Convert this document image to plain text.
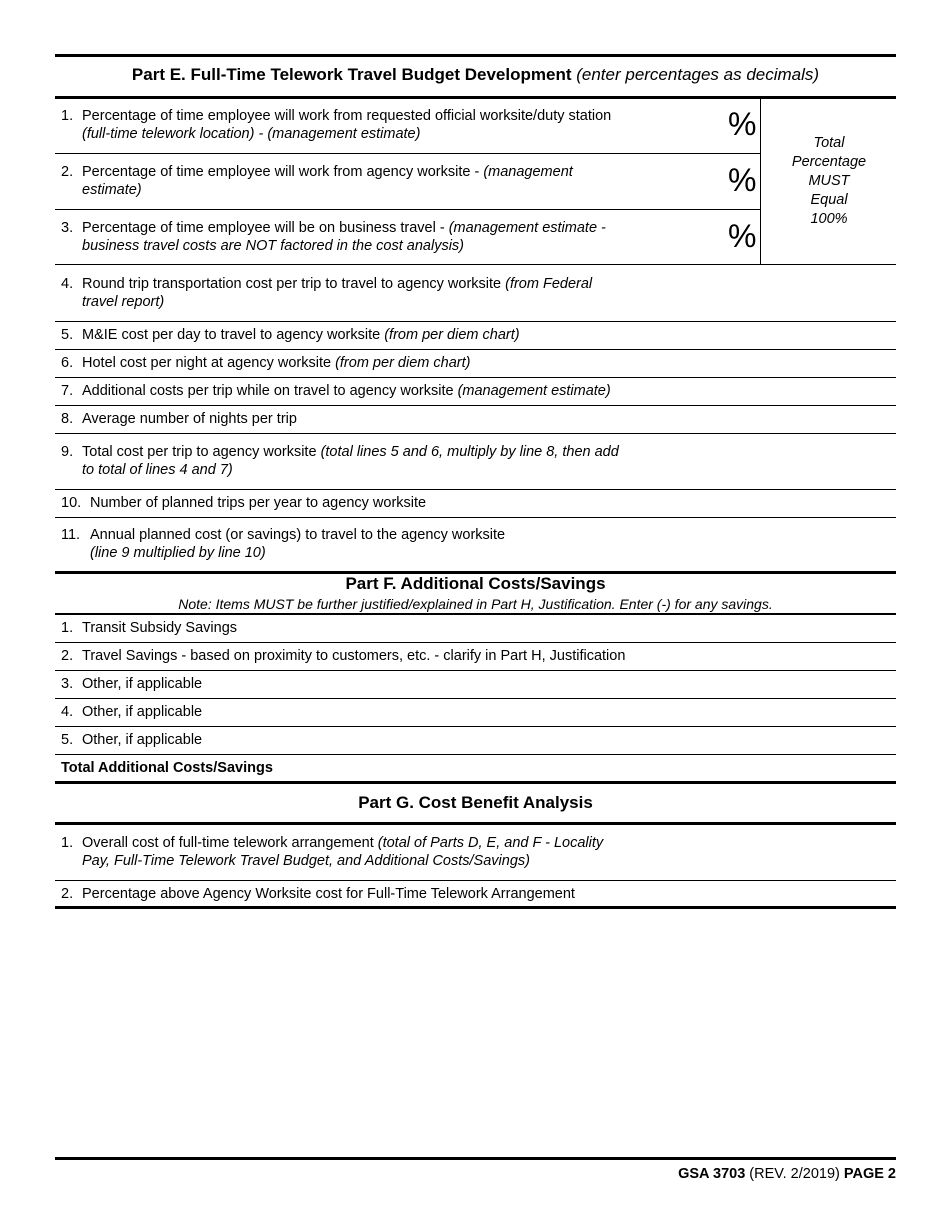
Part E. Full-Time Telework Travel Budget Development (enter percentages as decimals)
%
%
%
Total
Percentage
MUST
Equal
100%
1. Percentage of time employee will work from requested official worksite/duty station
(full-time telework location) - (management estimate)
2. Percentage of time employee will work from agency worksite - (management
estimate)
3. Percentage of time employee will be on business travel - (management estimate -
business travel costs are NOT factored in the cost analysis)
4. Round trip transportation cost per trip to travel to agency worksite (from Federal
travel report)
5. M&IE cost per day to travel to agency worksite (from per diem chart)
6. Hotel cost per night at agency worksite (from per diem chart)
7. Additional costs per trip while on travel to agency worksite (management estimate)
8. Average number of nights per trip
9. Total cost per trip to agency worksite (total lines 5 and 6, multiply by line 8, then add
to total of lines 4 and 7)
10. Number of planned trips per year to agency worksite
11. Annual planned cost (or savings) to travel to the agency worksite
(line 9 multiplied by line 10)
Part F. Additional Costs/Savings
Note: Items MUST be further justified/explained in Part H, Justification. Enter (-) for any savings.
1. Transit Subsidy Savings
2. Travel Savings - based on proximity to customers, etc. - clarify in Part H, Justification
3. Other, if applicable
4. Other, if applicable
5. Other, if applicable
Total Additional Costs/Savings
Part G. Cost Benefit Analysis
1. Overall cost of full-time telework arrangement (total of Parts D, E, and F - Locality
Pay, Full-Time Telework Travel Budget, and Additional Costs/Savings)
2. Percentage above Agency Worksite cost for Full-Time Telework Arrangement
GSA 3703 (REV. 2/2019) PAGE 2
